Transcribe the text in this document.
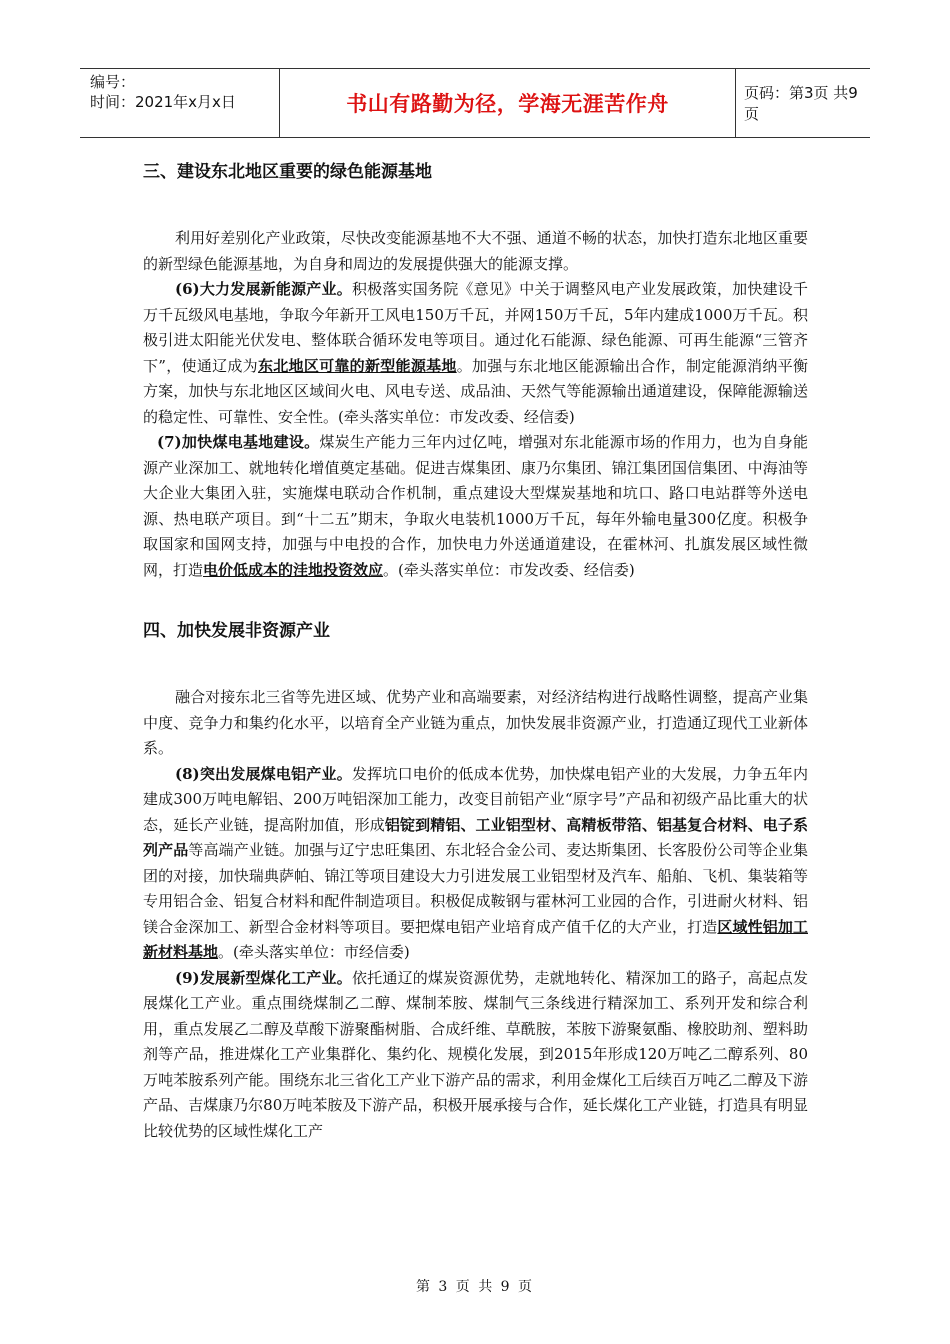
编号：
时间：2021年x月x日	书山有路勤为径，学海无涯苦作舟	页码：第3页 共9页
三、建设东北地区重要的绿色能源基地

利用好差别化产业政策，尽快改变能源基地不大不强、通道不畅的状态，加快打造东北地区重要的新型绿色能源基地，为自身和周边的发展提供强大的能源支撑。

(6)大力发展新能源产业。积极落实国务院《意见》中关于调整风电产业发展政策，加快建设千万千瓦级风电基地，争取今年新开工风电150万千瓦，并网150万千瓦，5年内建成1000万千瓦。积极引进太阳能光伏发电、整体联合循环发电等项目。通过化石能源、绿色能源、可再生能源“三管齐下”，使通辽成为东北地区可靠的新型能源基地。加强与东北地区能源输出合作，制定能源消纳平衡方案，加快与东北地区区域间火电、风电专送、成品油、天然气等能源输出通道建设，保障能源输送的稳定性、可靠性、安全性。(牵头落实单位：市发改委、经信委)

(7)加快煤电基地建设。煤炭生产能力三年内过亿吨，增强对东北能源市场的作用力，也为自身能源产业深加工、就地转化增值奠定基础。促进吉煤集团、康乃尔集团、锦江集团国信集团、中海油等大企业大集团入驻，实施煤电联动合作机制，重点建设大型煤炭基地和坑口、路口电站群等外送电源、热电联产项目。到“十二五”期末，争取火电装机1000万千瓦，每年外输电量300亿度。积极争取国家和国网支持，加强与中电投的合作，加快电力外送通道建设，在霍林河、扎旗发展区域性微网，打造电价低成本的洼地投资效应。(牵头落实单位：市发改委、经信委)

四、加快发展非资源产业

融合对接东北三省等先进区域、优势产业和高端要素，对经济结构进行战略性调整，提高产业集中度、竞争力和集约化水平，以培育全产业链为重点，加快发展非资源产业，打造通辽现代工业新体系。

(8)突出发展煤电铝产业。发挥坑口电价的低成本优势，加快煤电铝产业的大发展，力争五年内建成300万吨电解铝、200万吨铝深加工能力，改变目前铝产业“原字号”产品和初级产品比重大的状态，延长产业链，提高附加值，形成铝锭到精铝、工业铝型材、高精板带箔、铝基复合材料、电子系列产品等高端产业链。加强与辽宁忠旺集团、东北轻合金公司、麦达斯集团、长客股份公司等企业集团的对接，加快瑞典萨帕、锦江等项目建设大力引进发展工业铝型材及汽车、船舶、飞机、集装箱等专用铝合金、铝复合材料和配件制造项目。积极促成鞍钢与霍林河工业园的合作，引进耐火材料、铝镁合金深加工、新型合金材料等项目。要把煤电铝产业培育成产值千亿的大产业，打造区域性铝加工新材料基地。(牵头落实单位：市经信委)

(9)发展新型煤化工产业。依托通辽的煤炭资源优势，走就地转化、精深加工的路子，高起点发展煤化工产业。重点围绕煤制乙二醇、煤制苯胺、煤制气三条线进行精深加工、系列开发和综合利用，重点发展乙二醇及草酸下游聚酯树脂、合成纤维、草酰胺，苯胺下游聚氨酯、橡胶助剂、塑料助剂等产品，推进煤化工产业集群化、集约化、规模化发展，到2015年形成120万吨乙二醇系列、80万吨苯胺系列产能。围绕东北三省化工产业下游产品的需求，利用金煤化工后续百万吨乙二醇及下游产品、吉煤康乃尔80万吨苯胺及下游产品，积极开展承接与合作，延长煤化工产业链，打造具有明显比较优势的区域性煤化工产

第 3 页 共 9 页
